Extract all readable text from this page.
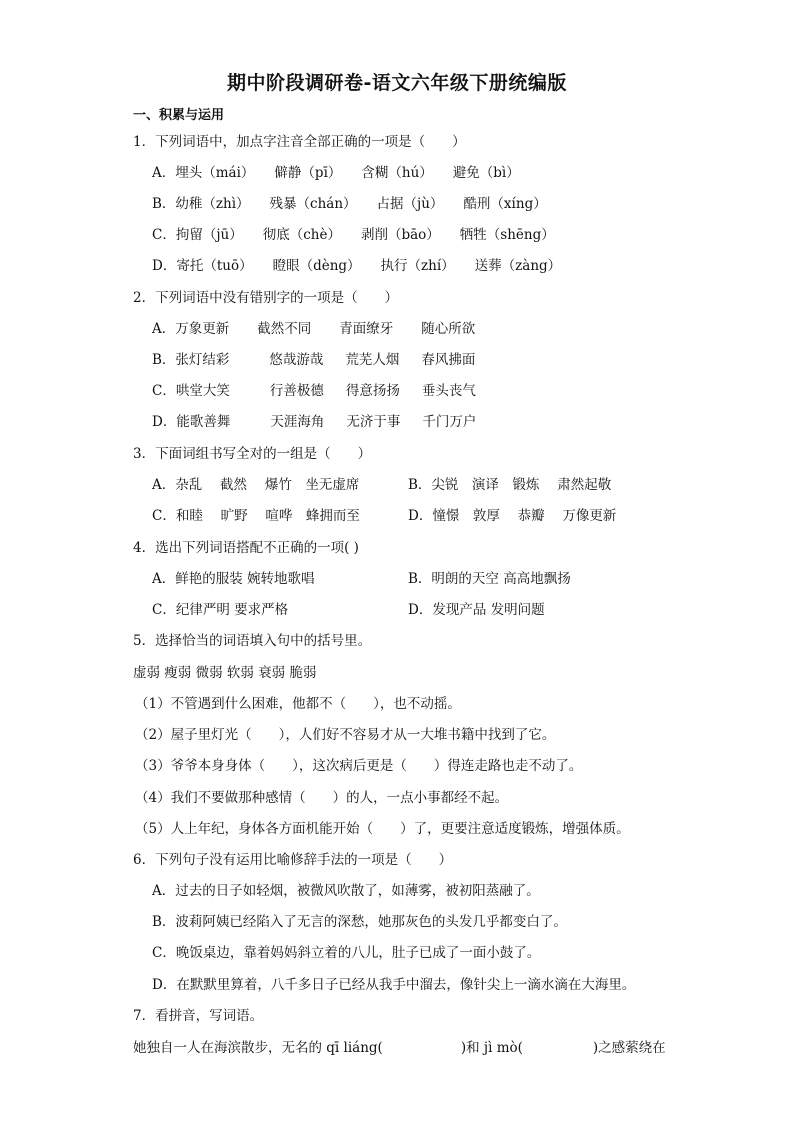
期中阶段调研卷-语文六年级下册统编版
一、积累与运用
1．下列词语中，加点字注音全部正确的一项是（　　）
A．埋头（mái） 僻静（pī） 含糊（hú） 避免（bì）
B．幼稚（zhì） 残暴（chán） 占据（jù） 酷刑（xíng）
C．拘留（jū） 彻底（chè） 剥削（bāo） 牺牲（shēng）
D．寄托（tuō） 瞪眼（dèng） 执行（zhí） 送葬（zàng）
2．下列词语中没有错别字的一项是（　　）
A．万象更新 截然不同 青面缭牙 随心所欲
B．张灯结彩	悠哉游哉 荒芜人烟 春风拂面
C．哄堂大笑	行善极德 得意扬扬 垂头丧气
D．能歌善舞	天涯海角 无济于事 千门万户
3．下面词组书写全对的一组是（　　）
A．杂乱　 截然　 爆竹　坐无虚席	B．尖锐　演译　锻炼　 肃然起敬
C．和睦　 旷野　 喧哗　蜂拥而至	D．憧憬　敦厚　 恭瓣　 万像更新
4．选出下列词语搭配不正确的一项( )
A．鲜艳的服装 婉转地歌唱	B．明朗的天空 高高地飘扬
C．纪律严明 要求严格	D．发现产品 发明问题
5．选择恰当的词语填入句中的括号里。
虚弱 瘦弱 微弱 软弱 衰弱 脆弱
（1）不管遇到什么困难，他都不（　　），也不动摇。
（2）屋子里灯光（　　），人们好不容易才从一大堆书籍中找到了它。
（3）爷爷本身身体（　　），这次病后更是（　　）得连走路也走不动了。
（4）我们不要做那种感情（　　）的人，一点小事都经不起。
（5）人上年纪，身体各方面机能开始（　　）了，更要注意适度锻炼，增强体质。
6．下列句子没有运用比喻修辞手法的一项是（　　）
A．过去的日子如轻烟，被微风吹散了，如薄雾，被初阳蒸融了。
B．波莉阿姨已经陷入了无言的深愁，她那灰色的头发几乎都变白了。
C．晚饭桌边，靠着妈妈斜立着的八儿，肚子已成了一面小鼓了。
D．在默默里算着，八千多日子已经从我手中溜去，像针尖上一滴水滴在大海里。
7．看拼音，写词语。
她独自一人在海滨散步，无名的 qī liáng(	)和 jì mò(	)之感萦绕在
